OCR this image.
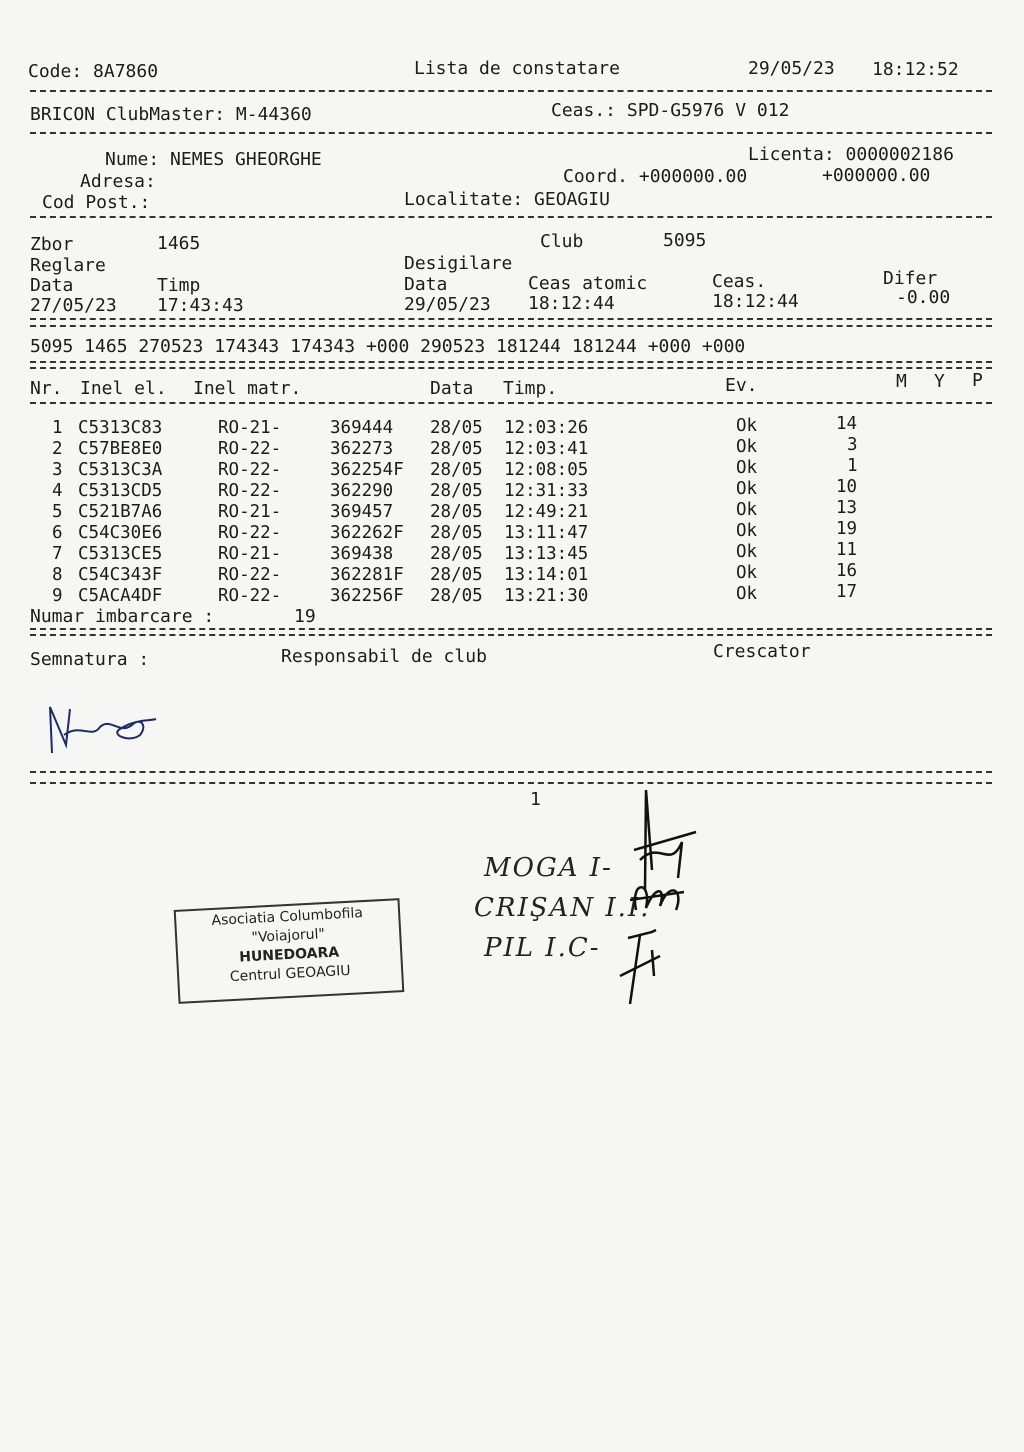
Code: 8A7860	Lista de constatare	29/05/23 18:12:52
BRICON ClubMaster: M-44360	Ceas.: SPD-G5976 V 012
Nume: NEMES GHEORGHE	Licenta: 0000002186
Adresa:	Coord. +000000.00	+000000.00
Cod Post.:	Localitate: GEOAGIU
Zbor	1465	Club	5095
Reglare	Desigilare
Data	Timp	Data	Ceas atomic	Ceas.	Difer
27/05/23 17:43:43	29/05/23 18:12:44	18:12:44	-0.00
5095 1465 270523 174343 174343 +000 290523 181244 181244 +000 +000
Nr. Inel el. Inel matr.	Data Timp.	Ev.	M Y P
1 C5313C83	RO-21-	369444 28/05 12:03:26	Ok	14
2 C57BE8E0	RO-22-	362273 28/05 12:03:41	Ok	3
3 C5313C3A	RO-22-	362254F 28/05 12:08:05	Ok	1
4 C5313CD5	RO-22-	362290 28/05 12:31:33	Ok	10
5 C521B7A6	RO-21-	369457 28/05 12:49:21	Ok	13
6 C54C30E6	RO-22-	362262F 28/05 13:11:47	Ok	19
7 C5313CE5	RO-21-	369438 28/05 13:13:45	Ok	11
8 C54C343F	RO-22-	362281F 28/05 13:14:01	Ok	16
9 C5ACA4DF	RO-22-	362256F 28/05 13:21:30	Ok	17
Numar imbarcare :	19
Semnatura :	Responsabil de club	Crescator
1
MOGA I-
CRIŞAN I.I.
PIL I.C-
Asociatia Columbofila
"Voiajorul"
HUNEDOARA
Centrul GEOAGIU
